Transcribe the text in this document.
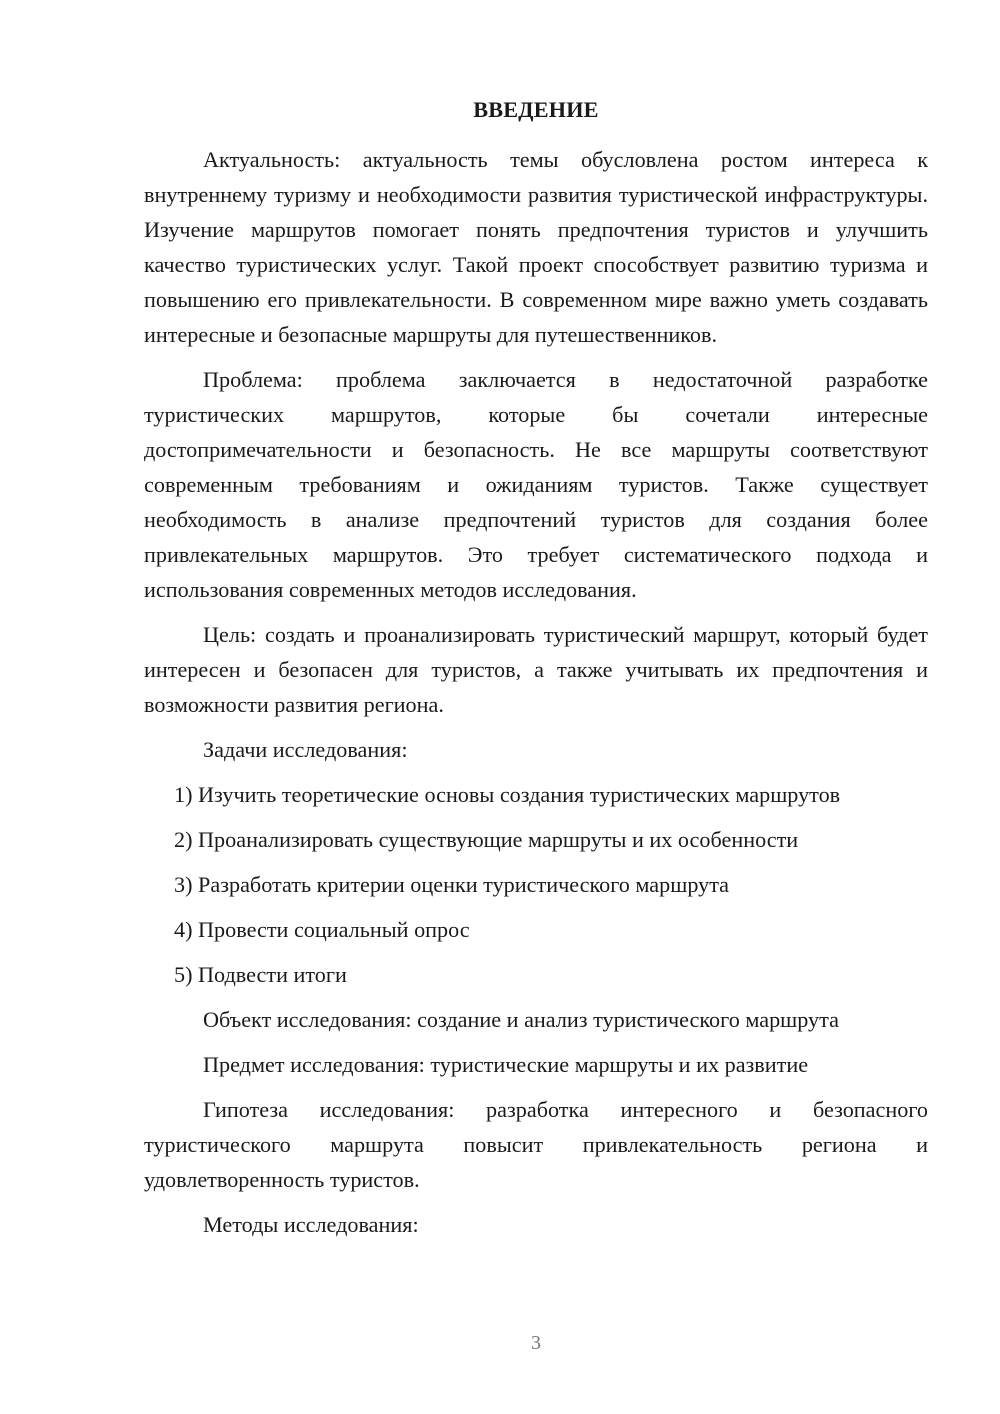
ВВЕДЕНИЕ
Актуальность: актуальность темы обусловлена ростом интереса к внутреннему туризму и необходимости развития туристической инфраструктуры. Изучение маршрутов помогает понять предпочтения туристов и улучшить качество туристических услуг. Такой проект способствует развитию туризма и повышению его привлекательности. В современном мире важно уметь создавать интересные и безопасные маршруты для путешественников.
Проблема: проблема заключается в недостаточной разработке туристических маршрутов, которые бы сочетали интересные достопримечательности и безопасность. Не все маршруты соответствуют современным требованиям и ожиданиям туристов. Также существует необходимость в анализе предпочтений туристов для создания более привлекательных маршрутов. Это требует систематического подхода и использования современных методов исследования.
Цель: создать и проанализировать туристический маршрут, который будет интересен и безопасен для туристов, а также учитывать их предпочтения и возможности развития региона.
Задачи исследования:
1) Изучить теоретические основы создания туристических маршрутов
2) Проанализировать существующие маршруты и их особенности
3) Разработать критерии оценки туристического маршрута
4) Провести социальный опрос
5) Подвести итоги
Объект исследования: создание и анализ туристического маршрута
Предмет исследования: туристические маршруты и их развитие
Гипотеза исследования: разработка интересного и безопасного туристического маршрута повысит привлекательность региона и удовлетворенность туристов.
Методы исследования:
3
